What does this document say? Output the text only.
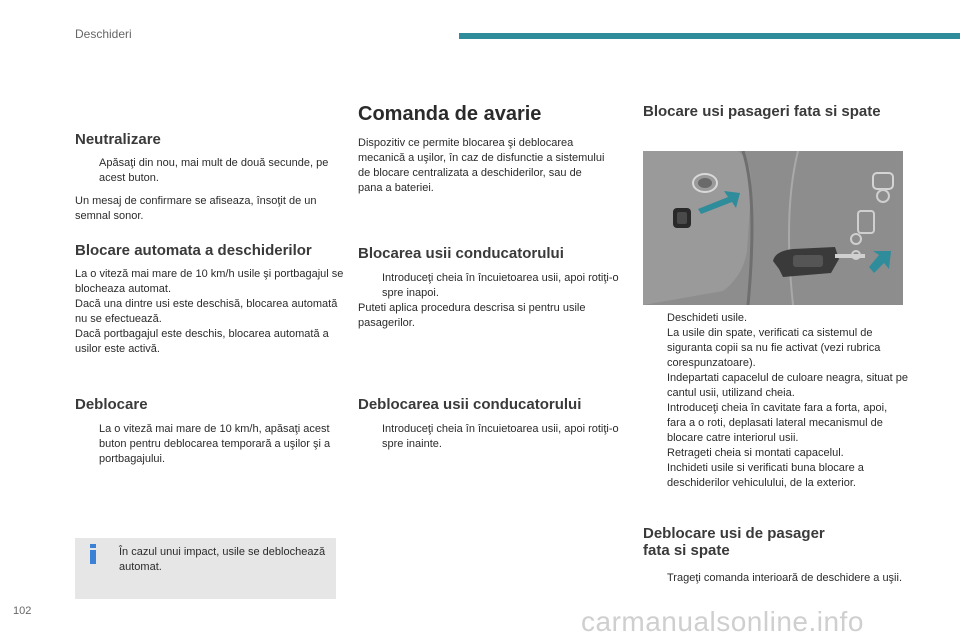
Deschideri
Neutralizare
Apăsaţi din nou, mai mult de două secunde, pe acest buton.

Un mesaj de confirmare se afiseaza, însoţit de un semnal sonor.

Blocare automata a deschiderilor

La o viteză mai mare de 10 km/h usile şi portbagajul se blocheaza automat.

Dacă una dintre usi este deschisă, blocarea automată nu se efectuează.

Dacă portbagajul este deschis, blocarea automată a usilor este activă.

Deblocare
La o viteză mai mare de 10 km/h, apăsaţi acest buton pentru deblocarea temporară a uşilor şi a portbagajului.
În cazul unui impact, usile se deblochează automat.
Comanda de avarie

Dispozitiv ce permite blocarea şi deblocarea mecanică a uşilor, în caz de disfunctie a sistemului de blocare centralizata a deschiderilor, sau de pana a bateriei.

Blocarea usii conducatorului
Introduceţi cheia în încuietoarea usii, apoi rotiţi-o spre inapoi.

Puteti aplica procedura descrisa si pentru usile pasagerilor.

Deblocarea usii conducatorului
Introduceţi cheia în încuietoarea usii, apoi rotiţi-o spre inainte.
Blocare usi pasageri fata si spate
Deschideti usile.
La usile din spate, verificati ca sistemul de siguranta copii sa nu fie activat (vezi rubrica corespunzatoare).
Indepartati capacelul de culoare neagra, situat pe cantul usii, utilizand cheia.
Introduceţi cheia în cavitate fara a forta, apoi, fara a o roti, deplasati lateral mecanismul de blocare catre interiorul usii.
Retrageti cheia si montati capacelul.
Inchideti usile si verificati buna blocare a deschiderilor vehiculului, de la exterior.
Deblocare usi de pasager
fata si spate
Trageţi comanda interioară de deschidere a uşii.
102	carmanualsonline.info
